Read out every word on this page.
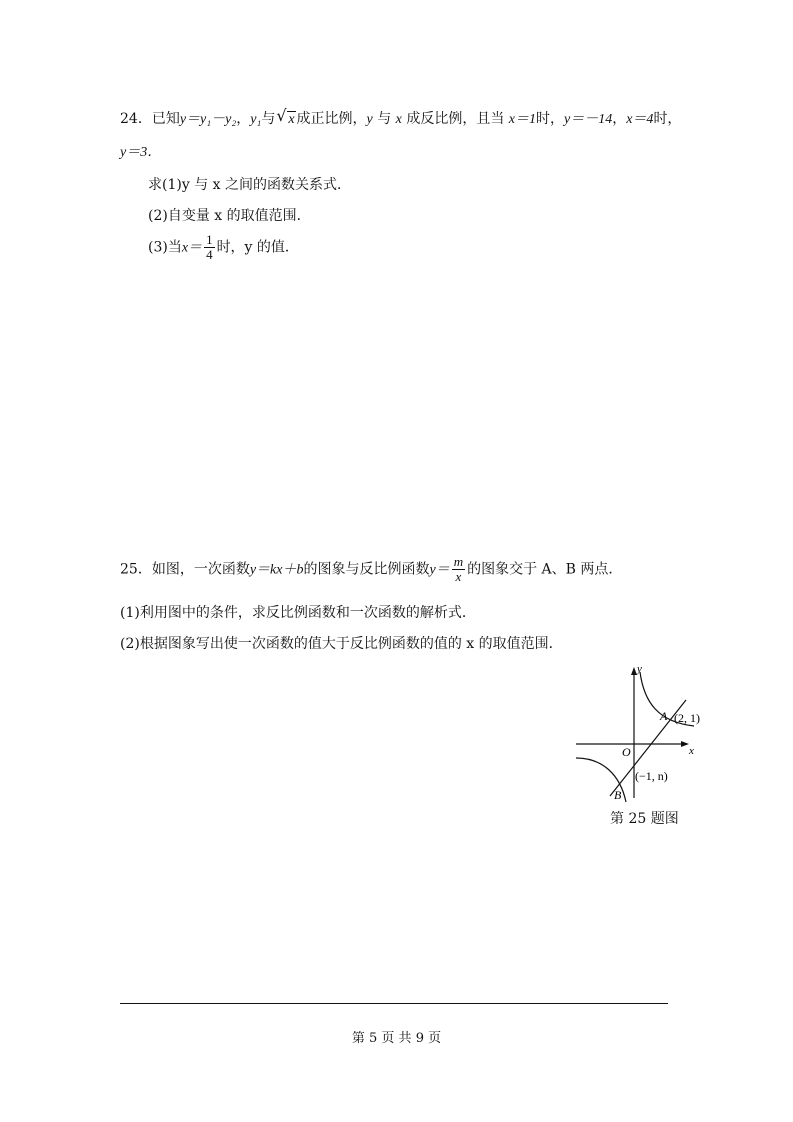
24．已知y＝y₁－y₂，y₁与 √ x 成正比例，y 与 x 成反比例，且当 x＝1时，y＝－14，x＝4时，
y＝3．
求(1)y 与 x 之间的函数关系式．
(2)自变量 x 的取值范围．
(3)当$x= \frac{1}{4}$ 时，y 的值．
25．如图，一次函数y＝kx＋b的图象与反比例函数$y= \frac{m}{x}$ 的图象交于 A、B 两点．
(1)利用图中的条件，求反比例函数和一次函数的解析式．
(2)根据图象写出使一次函数的值大于反比例函数的值的 x 的取值范围．
y
x
O
A
B
(2, 1)
(−1, n)
第 25 题图
第 5 页 共 9 页
